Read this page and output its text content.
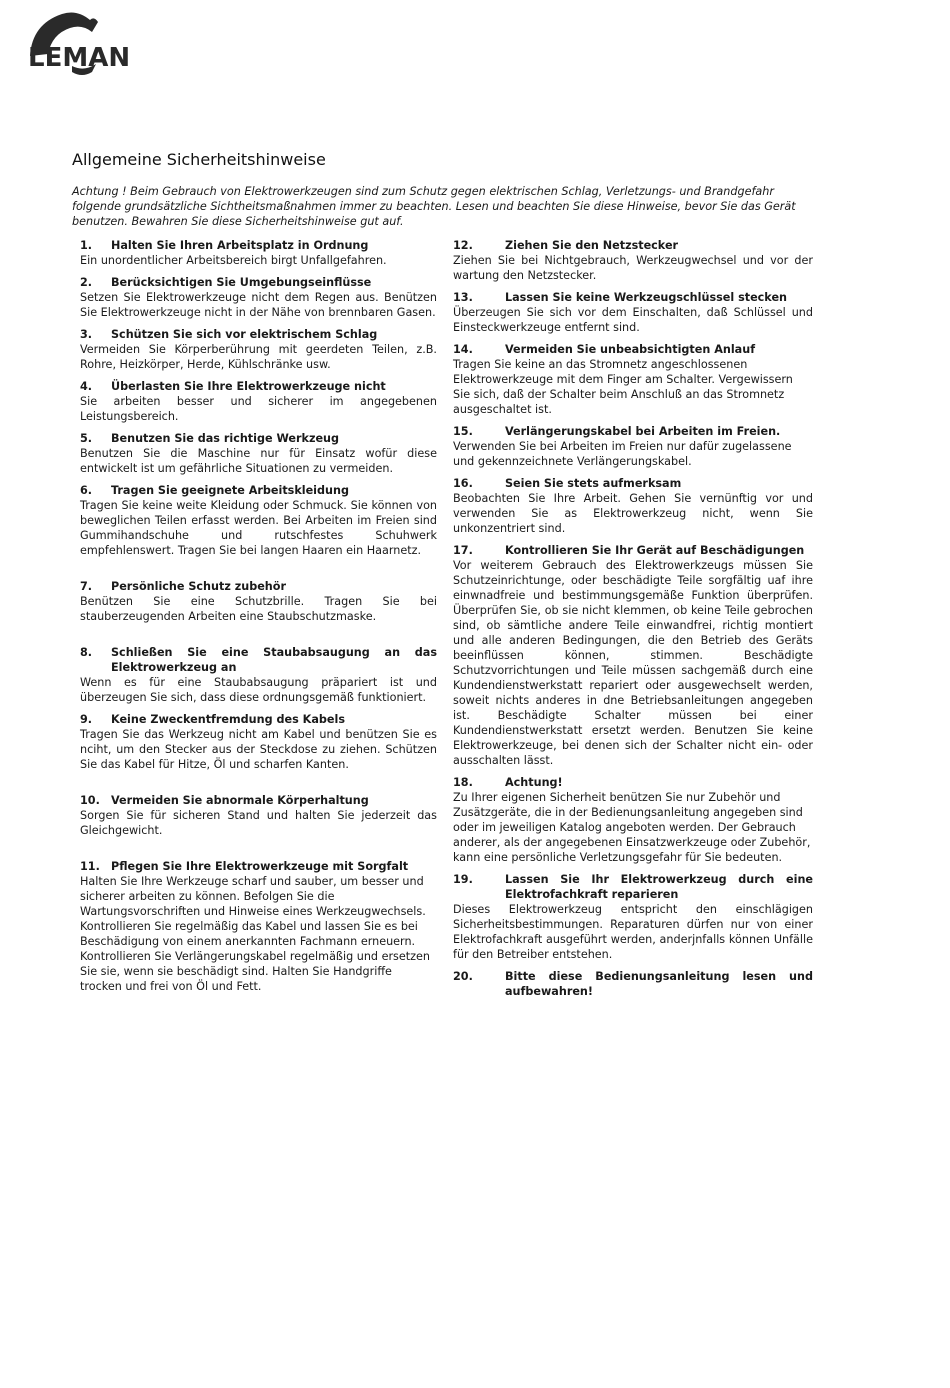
LEMAN
Allgemeine Sicherheitshinweise

Achtung ! Beim Gebrauch von Elektrowerkzeugen sind zum Schutz gegen elektrischen Schlag, Verletzungs- und Brandgefahr folgende grundsätzliche Sichtheitsmaßnahmen immer zu beachten. Lesen und beachten Sie diese Hinweise, bevor Sie das Gerät benutzen. Bewahren Sie diese Sicherheitshinweise gut auf.

1.	Halten Sie Ihren Arbeitsplatz in Ordnung

Ein unordentlicher Arbeitsbereich birgt Unfallgefahren.

2.	Berücksichtigen Sie Umgebungseinflüsse

Setzen Sie Elektrowerkzeuge nicht dem Regen aus. Benützen Sie Elektrowerkzeuge nicht in der Nähe von brennbaren Gasen.

3.	Schützen Sie sich vor elektrischem Schlag

Vermeiden Sie Körperberührung mit geerdeten Teilen, z.B. Rohre, Heizkörper, Herde, Kühlschränke usw.

4.	Überlasten Sie Ihre Elektrowerkzeuge nicht

Sie arbeiten besser und sicherer im angegebenen Leistungsbereich.

5.	Benutzen Sie das richtige Werkzeug

Benutzen Sie die Maschine nur für Einsatz wofür diese entwickelt ist um gefährliche Situationen zu vermeiden.

6.	Tragen Sie geeignete Arbeitskleidung

Tragen Sie keine weite Kleidung oder Schmuck. Sie können von beweglichen Teilen erfasst werden. Bei Arbeiten im Freien sind Gummihandschuhe und rutschfestes Schuhwerk empfehlenswert. Tragen Sie bei langen Haaren ein Haarnetz.

7.	Persönliche Schutz zubehör

Benützen Sie eine Schutzbrille. Tragen Sie bei stauberzeugenden Arbeiten eine Staubschutzmaske.

8.	Schließen Sie eine Staubabsaugung an das Elektrowerkzeug an

Wenn es für eine Staubabsaugung präpariert ist und überzeugen Sie sich, dass diese ordnungsgemäß funktioniert.

9.	Keine Zweckentfremdung des Kabels

Tragen Sie das Werkzeug nicht am Kabel und benützen Sie es nciht, um den Stecker aus der Steckdose zu ziehen. Schützen Sie das Kabel für Hitze, Öl und scharfen Kanten.

10. Vermeiden Sie abnormale Körperhaltung

Sorgen Sie für sicheren Stand und halten Sie jederzeit das Gleichgewicht.

11. Pflegen Sie Ihre Elektrowerkzeuge mit Sorgfalt

Halten Sie Ihre Werkzeuge scharf und sauber, um besser und sicherer arbeiten zu können. Befolgen Sie die Wartungsvorschriften und Hinweise eines Werkzeugwechsels. Kontrollieren Sie regelmäßig das Kabel und lassen Sie es bei Beschädigung von einem anerkannten Fachmann erneuern. Kontrollieren Sie Verlängerungskabel regelmäßig und ersetzen Sie sie, wenn sie beschädigt sind. Halten Sie Handgriffe trocken und frei von Öl und Fett.

12.	Ziehen Sie den Netzstecker

Ziehen Sie bei Nichtgebrauch, Werkzeugwechsel und vor der wartung den Netzstecker.

13.	Lassen Sie keine Werkzeugschlüssel stecken

Überzeugen Sie sich vor dem Einschalten, daß Schlüssel und Einsteckwerkzeuge entfernt sind.

14.	Vermeiden Sie unbeabsichtigten Anlauf

Tragen Sie keine an das Stromnetz angeschlossenen Elektrowerkzeuge mit dem Finger am Schalter. Vergewissern Sie sich, daß der Schalter beim Anschluß an das Stromnetz ausgeschaltet ist.

15.	Verlängerungskabel bei Arbeiten im Freien.

Verwenden Sie bei Arbeiten im Freien nur dafür zugelassene und gekennzeichnete Verlängerungskabel.

16.	Seien Sie stets aufmerksam

Beobachten Sie Ihre Arbeit. Gehen Sie vernünftig vor und verwenden Sie as Elektrowerkzeug nicht, wenn Sie unkonzentriert sind.

17.	Kontrollieren Sie Ihr Gerät auf Beschädigungen

Vor weiterem Gebrauch des Elektrowerkzeugs müssen Sie Schutzeinrichtunge, oder beschädigte Teile sorgfältig uaf ihre einwnadfreie und bestimmungsgemäße Funktion überprüfen. Überprüfen Sie, ob sie nicht klemmen, ob keine Teile gebrochen sind, ob sämtliche andere Teile einwandfrei, richtig montiert und alle anderen Bedingungen, die den Betrieb des Geräts beeinflüssen können, stimmen. Beschädigte Schutzvorrichtungen und Teile müssen sachgemäß durch eine Kundendienstwerkstatt repariert oder ausgewechselt werden, soweit nichts anderes in dne Betriebsanleitungen angegeben ist. Beschädigte Schalter müssen bei einer Kundendienstwerkstatt ersetzt werden. Benutzen Sie keine Elektrowerkzeuge, bei denen sich der Schalter nicht ein- oder ausschalten lässt.

18.	Achtung!

Zu Ihrer eigenen Sicherheit benützen Sie nur Zubehör und Zusätzgeräte, die in der Bedienungsanleitung angegeben sind oder im jeweiligen Katalog angeboten werden. Der Gebrauch anderer, als der angegebenen Einsatzwerkzeuge oder Zubehör, kann eine persönliche Verletzungsgefahr für Sie bedeuten.

19.	Lassen Sie Ihr Elektrowerkzeug durch eine Elektrofachkraft reparieren

Dieses Elektrowerkzeug entspricht den einschlägigen Sicherheitsbestimmungen. Reparaturen dürfen nur von einer Elektrofachkraft ausgeführt werden, anderjnfalls können Unfälle für den Betreiber entstehen.

20.	Bitte diese Bedienungsanleitung lesen und aufbewahren!
